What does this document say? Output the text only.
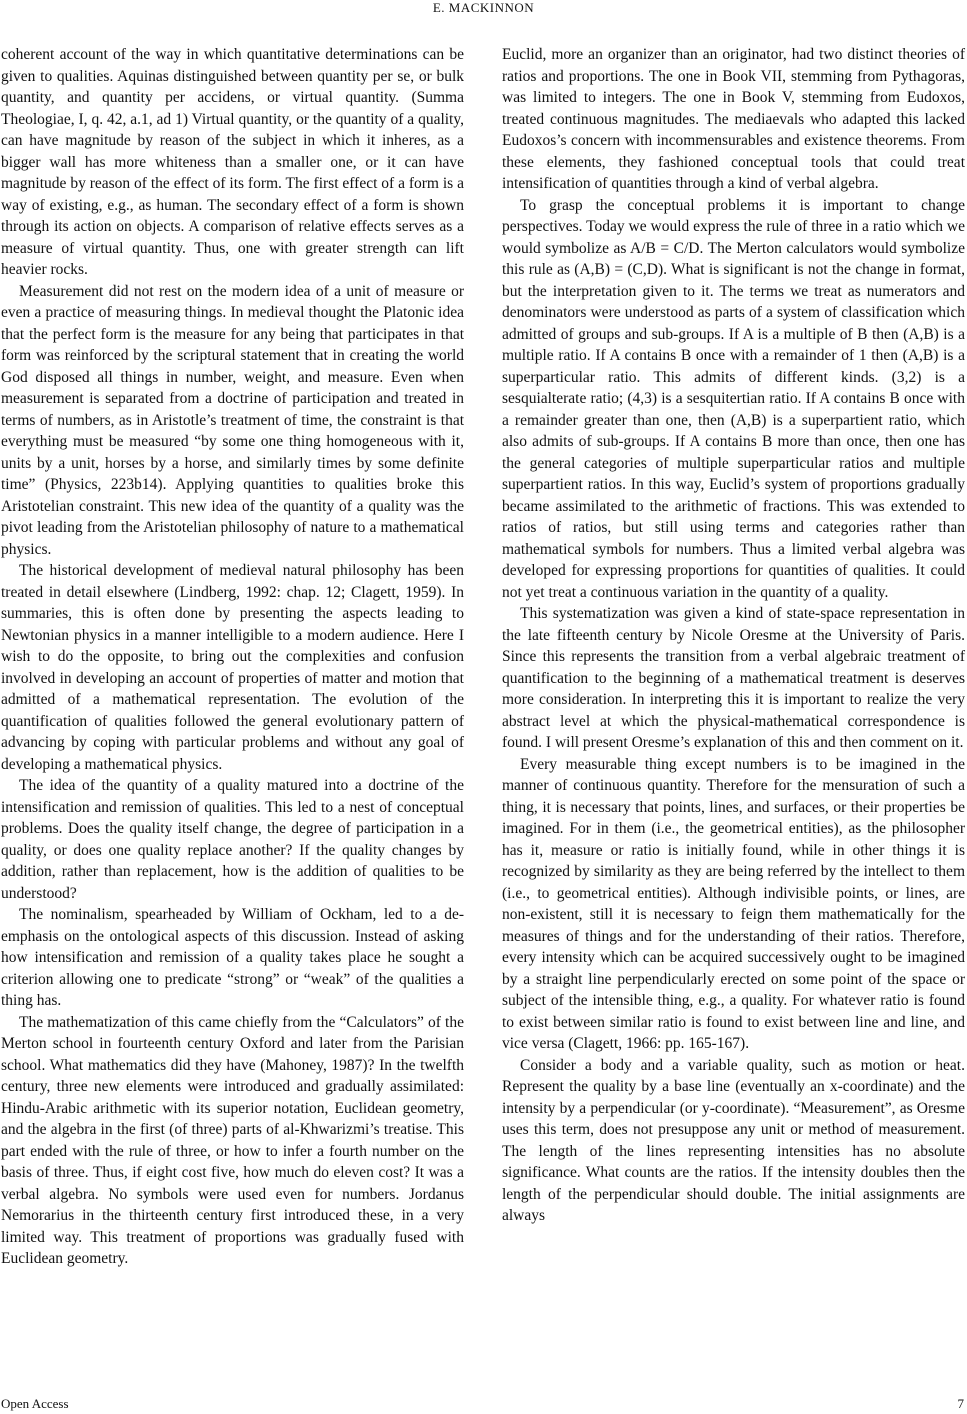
E. MACKINNON

coherent account of the way in which quantitative determinations can be given to qualities. Aquinas distinguished between quantity per se, or bulk quantity, and quantity per accidens, or virtual quantity. (Summa Theologiae, I, q. 42, a.1, ad 1) Virtual quantity, or the quantity of a quality, can have magnitude by reason of the subject in which it inheres, as a bigger wall has more whiteness than a smaller one, or it can have magnitude by reason of the effect of its form. The first effect of a form is a way of existing, e.g., as human. The secondary effect of a form is shown through its action on objects. A comparison of relative effects serves as a measure of virtual quantity. Thus, one with greater strength can lift heavier rocks.

Measurement did not rest on the modern idea of a unit of measure or even a practice of measuring things. In medieval thought the Platonic idea that the perfect form is the measure for any being that participates in that form was reinforced by the scriptural statement that in creating the world God disposed all things in number, weight, and measure. Even when measurement is separated from a doctrine of participation and treated in terms of numbers, as in Aristotle’s treatment of time, the constraint is that everything must be measured “by some one thing homogeneous with it, units by a unit, horses by a horse, and similarly times by some definite time” (Physics, 223b14). Applying quantities to qualities broke this Aristotelian constraint. This new idea of the quantity of a quality was the pivot leading from the Aristotelian philosophy of nature to a mathematical physics.

The historical development of medieval natural philosophy has been treated in detail elsewhere (Lindberg, 1992: chap. 12; Clagett, 1959). In summaries, this is often done by presenting the aspects leading to Newtonian physics in a manner intelligible to a modern audience. Here I wish to do the opposite, to bring out the complexities and confusion involved in developing an account of properties of matter and motion that admitted of a mathematical representation. The evolution of the quantification of qualities followed the general evolutionary pattern of advancing by coping with particular problems and without any goal of developing a mathematical physics.

The idea of the quantity of a quality matured into a doctrine of the intensification and remission of qualities. This led to a nest of conceptual problems. Does the quality itself change, the degree of participation in a quality, or does one quality replace another? If the quality changes by addition, rather than replacement, how is the addition of qualities to be understood?

The nominalism, spearheaded by William of Ockham, led to a de-emphasis on the ontological aspects of this discussion. Instead of asking how intensification and remission of a quality takes place he sought a criterion allowing one to predicate “strong” or “weak” of the qualities a thing has.

The mathematization of this came chiefly from the “Calculators” of the Merton school in fourteenth century Oxford and later from the Parisian school. What mathematics did they have (Mahoney, 1987)? In the twelfth century, three new elements were introduced and gradually assimilated: Hindu-Arabic arithmetic with its superior notation, Euclidean geometry, and the algebra in the first (of three) parts of al-Khwarizmi’s treatise. This part ended with the rule of three, or how to infer a fourth number on the basis of three. Thus, if eight cost five, how much do eleven cost? It was a verbal algebra. No symbols were used even for numbers. Jordanus Nemorarius in the thirteenth century first introduced these, in a very limited way. This treatment of proportions was gradually fused with Euclidean geometry.

Euclid, more an organizer than an originator, had two distinct theories of ratios and proportions. The one in Book VII, stemming from Pythagoras, was limited to integers. The one in Book V, stemming from Eudoxos, treated continuous magnitudes. The mediaevals who adapted this lacked Eudoxos’s concern with incommensurables and existence theorems. From these elements, they fashioned conceptual tools that could treat intensification of quantities through a kind of verbal algebra.

To grasp the conceptual problems it is important to change perspectives. Today we would express the rule of three in a ratio which we would symbolize as A/B = C/D. The Merton calculators would symbolize this rule as (A,B) = (C,D). What is significant is not the change in format, but the interpretation given to it. The terms we treat as numerators and denominators were understood as parts of a system of classification which admitted of groups and sub-groups. If A is a multiple of B then (A,B) is a multiple ratio. If A contains B once with a remainder of 1 then (A,B) is a superparticular ratio. This admits of different kinds. (3,2) is a sesquialterate ratio; (4,3) is a sesquitertian ratio. If A contains B once with a remainder greater than one, then (A,B) is a superpartient ratio, which also admits of sub-groups. If A contains B more than once, then one has the general categories of multiple superparticular ratios and multiple superpartient ratios. In this way, Euclid’s system of proportions gradually became assimilated to the arithmetic of fractions. This was extended to ratios of ratios, but still using terms and categories rather than mathematical symbols for numbers. Thus a limited verbal algebra was developed for expressing proportions for quantities of qualities. It could not yet treat a continuous variation in the quantity of a quality.

This systematization was given a kind of state-space representation in the late fifteenth century by Nicole Oresme at the University of Paris. Since this represents the transition from a verbal algebraic treatment of quantification to the beginning of a mathematical treatment is deserves more consideration. In interpreting this it is important to realize the very abstract level at which the physical-mathematical correspondence is found. I will present Oresme’s explanation of this and then comment on it.

Every measurable thing except numbers is to be imagined in the manner of continuous quantity. Therefore for the mensuration of such a thing, it is necessary that points, lines, and surfaces, or their properties be imagined. For in them (i.e., the geometrical entities), as the philosopher has it, measure or ratio is initially found, while in other things it is recognized by similarity as they are being referred by the intellect to them (i.e., to geometrical entities). Although indivisible points, or lines, are non-existent, still it is necessary to feign them mathematically for the measures of things and for the understanding of their ratios. Therefore, every intensity which can be acquired successively ought to be imagined by a straight line perpendicularly erected on some point of the space or subject of the intensible thing, e.g., a quality. For whatever ratio is found to exist between similar ratio is found to exist between line and line, and vice versa (Clagett, 1966: pp. 165-167).

Consider a body and a variable quality, such as motion or heat. Represent the quality by a base line (eventually an x-coordinate) and the intensity by a perpendicular (or y-coordinate). “Measurement”, as Oresme uses this term, does not presuppose any unit or method of measurement. The length of the lines representing intensities has no absolute significance. What counts are the ratios. If the intensity doubles then the length of the perpendicular should double. The initial assignments are always

Open Access	7
